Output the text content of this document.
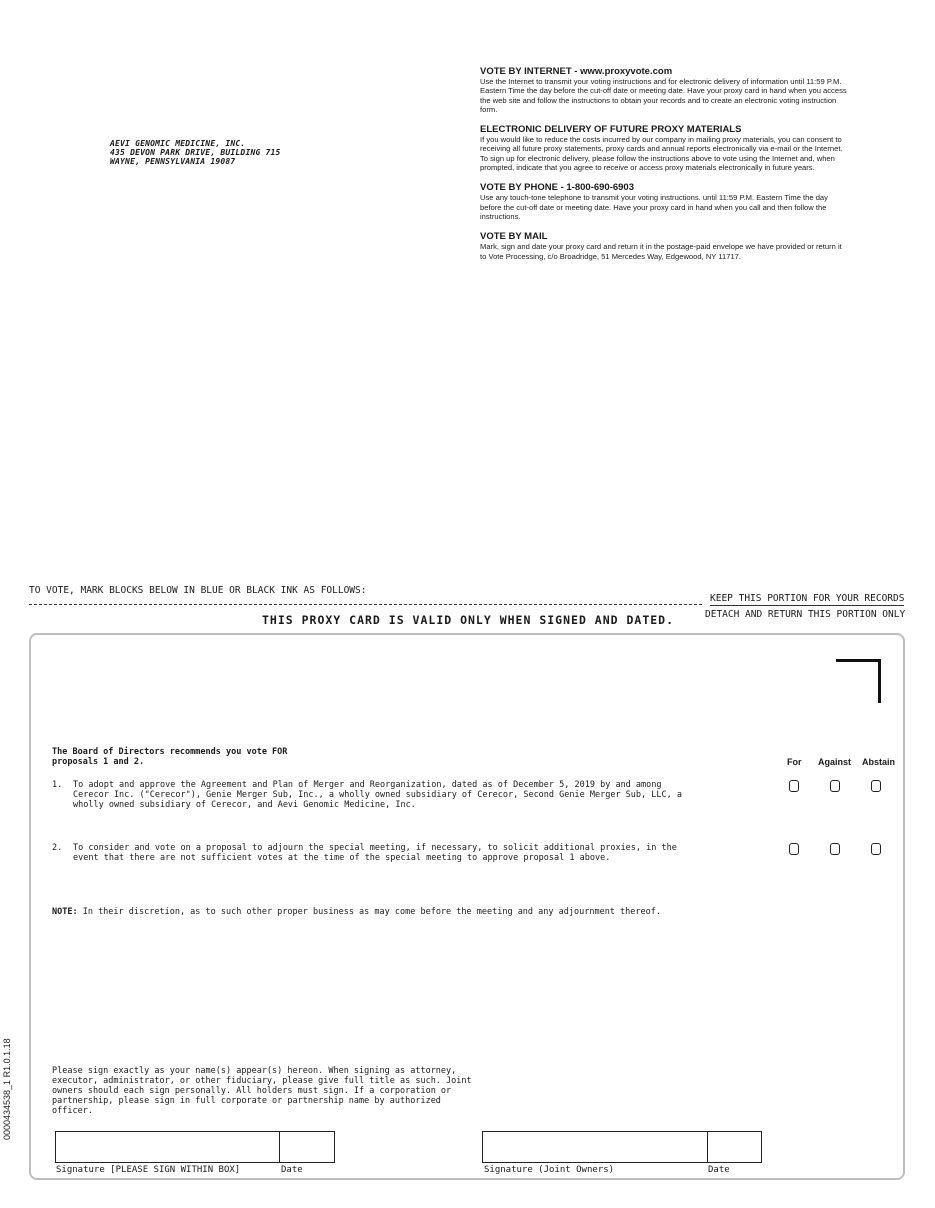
AEVI GENOMIC MEDICINE, INC.
435 DEVON PARK DRIVE, BUILDING 715
WAYNE, PENNSYLVANIA 19087
VOTE BY INTERNET - www.proxyvote.com
Use the Internet to transmit your voting instructions and for electronic delivery of information until 11:59 P.M. Eastern Time the day before the cut-off date or meeting date. Have your proxy card in hand when you access the web site and follow the instructions to obtain your records and to create an electronic voting instruction form.
ELECTRONIC DELIVERY OF FUTURE PROXY MATERIALS
If you would like to reduce the costs incurred by our company in mailing proxy materials, you can consent to receiving all future proxy statements, proxy cards and annual reports electronically via e-mail or the Internet. To sign up for electronic delivery, please follow the instructions above to vote using the Internet and, when prompted, indicate that you agree to receive or access proxy materials electronically in future years.
VOTE BY PHONE - 1-800-690-6903
Use any touch-tone telephone to transmit your voting instructions. until 11:59 P.M. Eastern Time the day before the cut-off date or meeting date. Have your proxy card in hand when you call and then follow the instructions.
VOTE BY MAIL
Mark, sign and date your proxy card and return it in the postage-paid envelope we have provided or return it to Vote Processing, c/o Broadridge, 51 Mercedes Way, Edgewood, NY 11717.
TO VOTE, MARK BLOCKS BELOW IN BLUE OR BLACK INK AS FOLLOWS:
KEEP THIS PORTION FOR YOUR RECORDS
DETACH AND RETURN THIS PORTION ONLY
THIS PROXY CARD IS VALID ONLY WHEN SIGNED AND DATED.
The Board of Directors recommends you vote FOR
proposals 1 and 2.	For Against Abstain
1. To adopt and approve the Agreement and Plan of Merger and Reorganization, dated as of December 5, 2019 by and among Cerecor Inc. ("Cerecor"), Genie Merger Sub, Inc., a wholly owned subsidiary of Cerecor, Second Genie Merger Sub, LLC, a wholly owned subsidiary of Cerecor, and Aevi Genomic Medicine, Inc.
2. To consider and vote on a proposal to adjourn the special meeting, if necessary, to solicit additional proxies, in the event that there are not sufficient votes at the time of the special meeting to approve proposal 1 above.
NOTE: In their discretion, as to such other proper business as may come before the meeting and any adjournment thereof.
0000434538_1 R1.0.1.18	Please sign exactly as your name(s) appear(s) hereon. When signing as attorney, executor, administrator, or other fiduciary, please give full title as such. Joint owners should each sign personally. All holders must sign. If a corporation or partnership, please sign in full corporate or partnership name by authorized officer.
Signature [PLEASE SIGN WITHIN BOX]	Date	Signature (Joint Owners)	Date
